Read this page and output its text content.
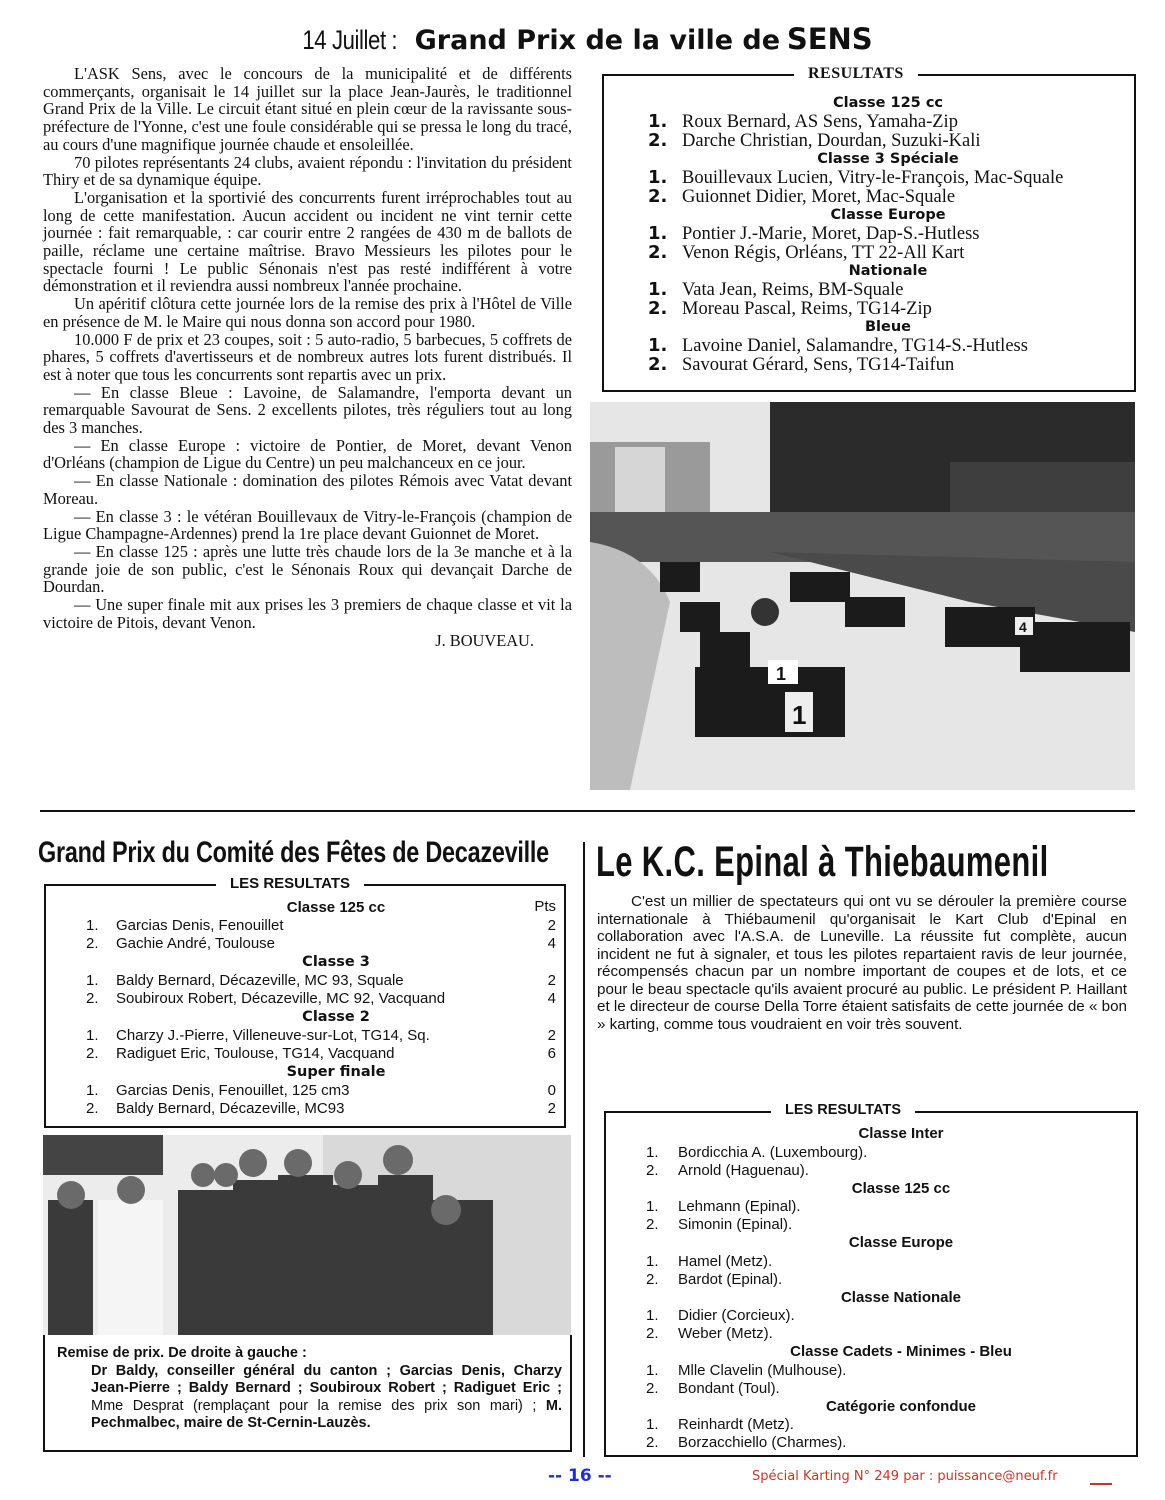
14 Juillet : Grand Prix de la ville de SENS

L'ASK Sens, avec le concours de la municipalité et de différents commerçants, organisait le 14 juillet sur la place Jean-Jaurès, le traditionnel Grand Prix de la Ville. Le circuit étant situé en plein cœur de la ravissante sous-préfecture de l'Yonne, c'est une foule considérable qui se pressa le long du tracé, au cours d'une magnifique journée chaude et ensoleillée.

70 pilotes représentants 24 clubs, avaient répondu : l'invitation du président Thiry et de sa dynamique équipe.

L'organisation et la sportivié des concurrents furent irréprochables tout au long de cette manifestation. Aucun accident ou incident ne vint ternir cette journée : fait remarquable, : car courir entre 2 rangées de 430 m de ballots de paille, réclame une certaine maîtrise. Bravo Messieurs les pilotes pour le spectacle fourni ! Le public Sénonais n'est pas resté indifférent à votre démonstration et il reviendra aussi nombreux l'année prochaine.

Un apéritif clôtura cette journée lors de la remise des prix à l'Hôtel de Ville en présence de M. le Maire qui nous donna son accord pour 1980.

10.000 F de prix et 23 coupes, soit : 5 auto-radio, 5 barbecues, 5 coffrets de phares, 5 coffrets d'avertisseurs et de nombreux autres lots furent distribués. Il est à noter que tous les concurrents sont repartis avec un prix.

— En classe Bleue : Lavoine, de Salamandre, l'emporta devant un remarquable Savourat de Sens. 2 excellents pilotes, très réguliers tout au long des 3 manches.

— En classe Europe : victoire de Pontier, de Moret, devant Venon d'Orléans (champion de Ligue du Centre) un peu malchanceux en ce jour.

— En classe Nationale : domination des pilotes Rémois avec Vatat devant Moreau.

— En classe 3 : le vétéran Bouillevaux de Vitry-le-François (champion de Ligue Champagne-Ardennes) prend la 1re place devant Guionnet de Moret.

— En classe 125 : après une lutte très chaude lors de la 3e manche et à la grande joie de son public, c'est le Sénonais Roux qui devançait Darche de Dourdan.

— Une super finale mit aux prises les 3 premiers de chaque classe et vit la victoire de Pitois, devant Venon.

J. BOUVEAU.

RESULTATS
Classe 125 cc
1. Roux Bernard, AS Sens, Yamaha-Zip
2. Darche Christian, Dourdan, Suzuki-Kali
Classe 3 Spéciale
1. Bouillevaux Lucien, Vitry-le-François, Mac-Squale
2. Guionnet Didier, Moret, Mac-Squale
Classe Europe
1. Pontier J.-Marie, Moret, Dap-S.-Hutless
2. Venon Régis, Orléans, TT 22-All Kart
Nationale
1. Vata Jean, Reims, BM-Squale
2. Moreau Pascal, Reims, TG14-Zip
Bleue
1. Lavoine Daniel, Salamandre, TG14-S.-Hutless
2. Savourat Gérard, Sens, TG14-Taifun
1
1
4
Grand Prix du Comité des Fêtes de Decazeville
LES RESULTATS
Classe 125 cc	Pts
1.	Garcias Denis, Fenouillet	2
2.	Gachie André, Toulouse	4
Classe 3
1.	Baldy Bernard, Décazeville, MC 93, Squale	2
2.	Soubiroux Robert, Décazeville, MC 92, Vacquand	4
Classe 2
1.	Charzy J.-Pierre, Villeneuve-sur-Lot, TG14, Sq.	2
2.	Radiguet Eric, Toulouse, TG14, Vacquand	6
Super finale
1.	Garcias Denis, Fenouillet, 125 cm3	0
2.	Baldy Bernard, Décazeville, MC93	2
Remise de prix. De droite à gauche :
Dr Baldy, conseiller général du canton ; Garcias Denis, Charzy Jean-Pierre ; Baldy Bernard ; Soubiroux Robert ; Radiguet Eric ; Mme Desprat (remplaçant pour la remise des prix son mari) ; M. Pechmalbec, maire de St-Cernin-Lauzès.
Le K.C. Epinal à Thiebaumenil

C'est un millier de spectateurs qui ont vu se dérouler la première course internationale à Thiébaumenil qu'organisait le Kart Club d'Epinal en collaboration avec l'A.S.A. de Luneville. La réussite fut complète, aucun incident ne fut à signaler, et tous les pilotes repartaient ravis de leur journée, récompensés chacun par un nombre important de coupes et de lots, et ce pour le beau spectacle qu'ils avaient procuré au public. Le président P. Haillant et le directeur de course Della Torre étaient satisfaits de cette journée de « bon » karting, comme tous voudraient en voir très souvent.

LES RESULTATS
Classe Inter
1. Bordicchia A. (Luxembourg).
2. Arnold (Haguenau).
Classe 125 cc
1. Lehmann (Epinal).
2. Simonin (Epinal).
Classe Europe
1. Hamel (Metz).
2. Bardot (Epinal).
Classe Nationale
1. Didier (Corcieux).
2. Weber (Metz).
Classe Cadets - Minimes - Bleu
1. Mlle Clavelin (Mulhouse).
2. Bondant (Toul).
Catégorie confondue
1. Reinhardt (Metz).
2. Borzacchiello (Charmes).
-- 16 --	Spécial Karting N° 249 par : puissance@neuf.fr
